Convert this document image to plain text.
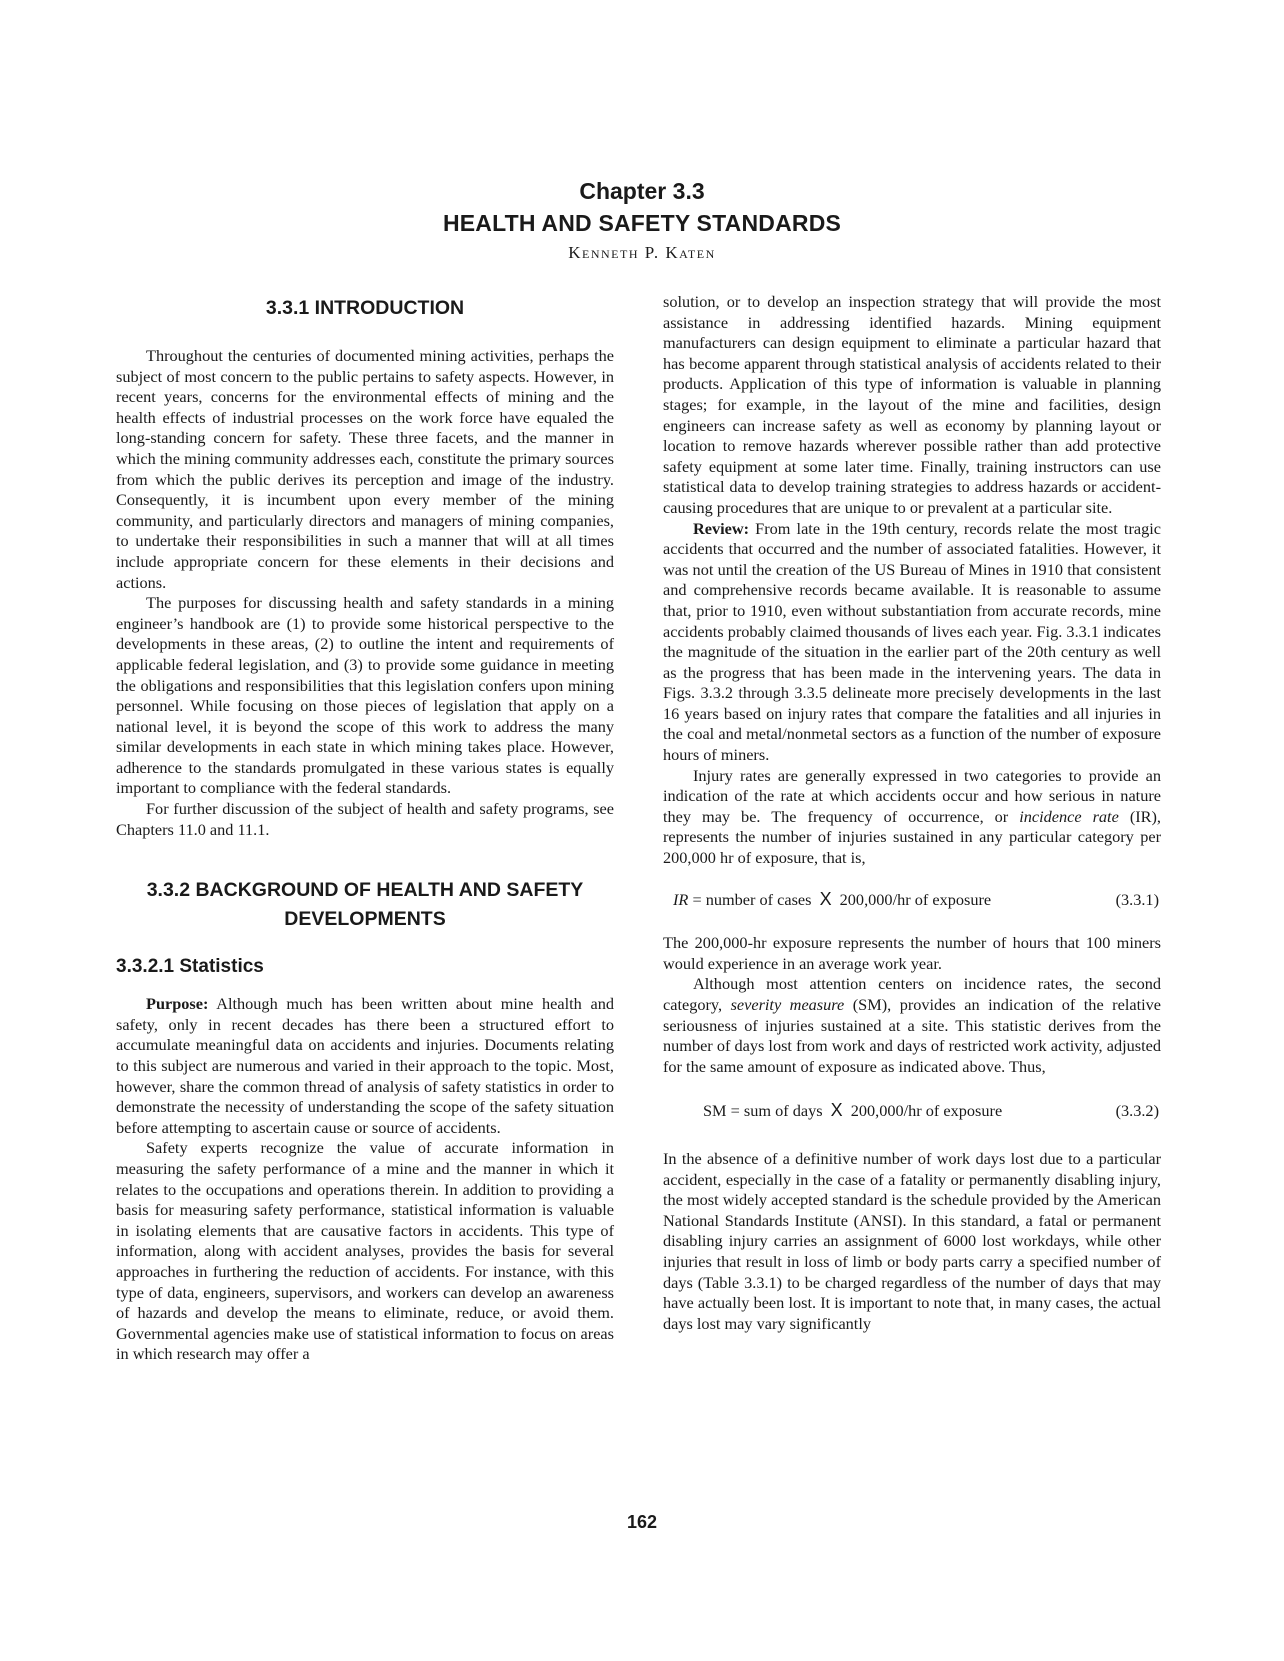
Chapter 3.3
HEALTH AND SAFETY STANDARDS
Kenneth P. Katen
3.3.1 INTRODUCTION

Throughout the centuries of documented mining activities, perhaps the subject of most concern to the public pertains to safety aspects. However, in recent years, concerns for the environmental effects of mining and the health effects of industrial processes on the work force have equaled the long-standing concern for safety. These three facets, and the manner in which the mining community addresses each, constitute the primary sources from which the public derives its perception and image of the industry. Consequently, it is incumbent upon every member of the mining community, and particularly directors and managers of mining companies, to undertake their responsibilities in such a manner that will at all times include appropriate concern for these elements in their decisions and actions.

The purposes for discussing health and safety standards in a mining engineer’s handbook are (1) to provide some historical perspective to the developments in these areas, (2) to outline the intent and requirements of applicable federal legislation, and (3) to provide some guidance in meeting the obligations and responsibilities that this legislation confers upon mining personnel. While focusing on those pieces of legislation that apply on a national level, it is beyond the scope of this work to address the many similar developments in each state in which mining takes place. However, adherence to the standards promulgated in these various states is equally important to compliance with the federal standards.

For further discussion of the subject of health and safety programs, see Chapters 11.0 and 11.1.

3.3.2 BACKGROUND OF HEALTH AND SAFETY DEVELOPMENTS
3.3.2.1 Statistics

Purpose: Although much has been written about mine health and safety, only in recent decades has there been a structured effort to accumulate meaningful data on accidents and injuries. Documents relating to this subject are numerous and varied in their approach to the topic. Most, however, share the common thread of analysis of safety statistics in order to demonstrate the necessity of understanding the scope of the safety situation before attempting to ascertain cause or source of accidents.

Safety experts recognize the value of accurate information in measuring the safety performance of a mine and the manner in which it relates to the occupations and operations therein. In addition to providing a basis for measuring safety performance, statistical information is valuable in isolating elements that are causative factors in accidents. This type of information, along with accident analyses, provides the basis for several approaches in furthering the reduction of accidents. For instance, with this type of data, engineers, supervisors, and workers can develop an awareness of hazards and develop the means to eliminate, reduce, or avoid them. Governmental agencies make use of statistical information to focus on areas in which research may offer a

solution, or to develop an inspection strategy that will provide the most assistance in addressing identified hazards. Mining equipment manufacturers can design equipment to eliminate a particular hazard that has become apparent through statistical analysis of accidents related to their products. Application of this type of information is valuable in planning stages; for example, in the layout of the mine and facilities, design engineers can increase safety as well as economy by planning layout or location to remove hazards wherever possible rather than add protective safety equipment at some later time. Finally, training instructors can use statistical data to develop training strategies to address hazards or accident-causing procedures that are unique to or prevalent at a particular site.

Review: From late in the 19th century, records relate the most tragic accidents that occurred and the number of associated fatalities. However, it was not until the creation of the US Bureau of Mines in 1910 that consistent and comprehensive records became available. It is reasonable to assume that, prior to 1910, even without substantiation from accurate records, mine accidents probably claimed thousands of lives each year. Fig. 3.3.1 indicates the magnitude of the situation in the earlier part of the 20th century as well as the progress that has been made in the intervening years. The data in Figs. 3.3.2 through 3.3.5 delineate more precisely developments in the last 16 years based on injury rates that compare the fatalities and all injuries in the coal and metal/nonmetal sectors as a function of the number of exposure hours of miners.

Injury rates are generally expressed in two categories to provide an indication of the rate at which accidents occur and how serious in nature they may be. The frequency of occurrence, or incidence rate (IR), represents the number of injuries sustained in any particular category per 200,000 hr of exposure, that is,

IR = number of cases X 200,000/hr of exposure	(3.3.1)

The 200,000-hr exposure represents the number of hours that 100 miners would experience in an average work year.

Although most attention centers on incidence rates, the second category, severity measure (SM), provides an indication of the relative seriousness of injuries sustained at a site. This statistic derives from the number of days lost from work and days of restricted work activity, adjusted for the same amount of exposure as indicated above. Thus,

SM = sum of days X 200,000/hr of exposure	(3.3.2)

In the absence of a definitive number of work days lost due to a particular accident, especially in the case of a fatality or permanently disabling injury, the most widely accepted standard is the schedule provided by the American National Standards Institute (ANSI). In this standard, a fatal or permanent disabling injury carries an assignment of 6000 lost workdays, while other injuries that result in loss of limb or body parts carry a specified number of days (Table 3.3.1) to be charged regardless of the number of days that may have actually been lost. It is important to note that, in many cases, the actual days lost may vary significantly

162
